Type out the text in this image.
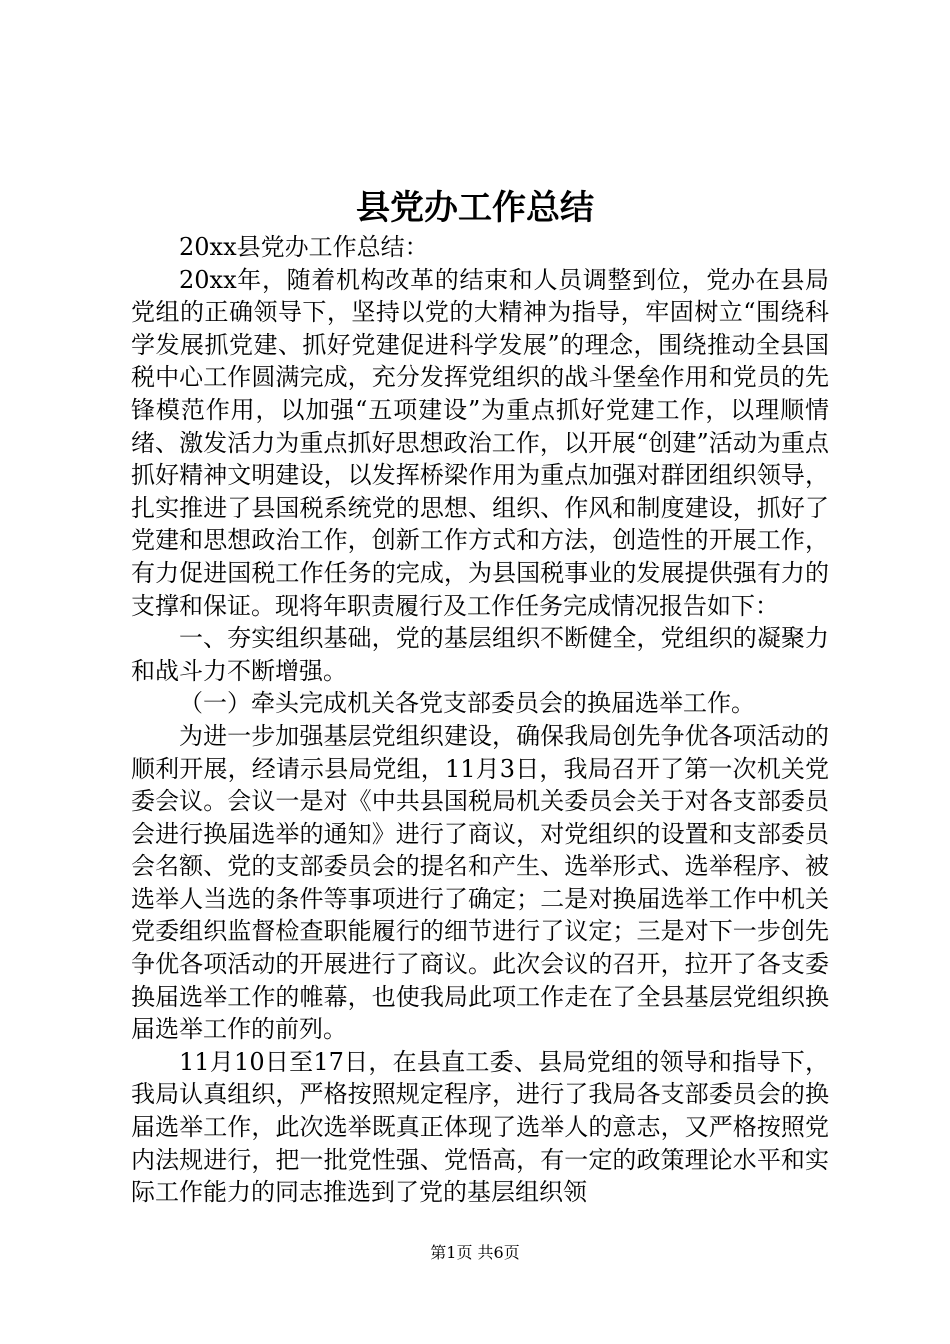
县党办工作总结

20xx县党办工作总结：

20xx年，随着机构改革的结束和人员调整到位，党办在县局党组的正确领导下，坚持以党的大精神为指导，牢固树立“围绕科学发展抓党建、抓好党建促进科学发展”的理念，围绕推动全县国税中心工作圆满完成，充分发挥党组织的战斗堡垒作用和党员的先锋模范作用，以加强“五项建设”为重点抓好党建工作，以理顺情绪、激发活力为重点抓好思想政治工作，以开展“创建”活动为重点抓好精神文明建设，以发挥桥梁作用为重点加强对群团组织领导，扎实推进了县国税系统党的思想、组织、作风和制度建设，抓好了党建和思想政治工作，创新工作方式和方法，创造性的开展工作，有力促进国税工作任务的完成，为县国税事业的发展提供强有力的支撑和保证。现将年职责履行及工作任务完成情况报告如下：

一、夯实组织基础，党的基层组织不断健全，党组织的凝聚力和战斗力不断增强。

（一）牵头完成机关各党支部委员会的换届选举工作。

为进一步加强基层党组织建设，确保我局创先争优各项活动的顺利开展，经请示县局党组，11月3日，我局召开了第一次机关党委会议。会议一是对《中共县国税局机关委员会关于对各支部委员会进行换届选举的通知》进行了商议，对党组织的设置和支部委员会名额、党的支部委员会的提名和产生、选举形式、选举程序、被选举人当选的条件等事项进行了确定；二是对换届选举工作中机关党委组织监督检查职能履行的细节进行了议定；三是对下一步创先争优各项活动的开展进行了商议。此次会议的召开，拉开了各支委换届选举工作的帷幕，也使我局此项工作走在了全县基层党组织换届选举工作的前列。

11月10日至17日，在县直工委、县局党组的领导和指导下，我局认真组织，严格按照规定程序，进行了我局各支部委员会的换届选举工作，此次选举既真正体现了选举人的意志，又严格按照党内法规进行，把一批党性强、党悟高，有一定的政策理论水平和实际工作能力的同志推选到了党的基层组织领

第1页 共6页
